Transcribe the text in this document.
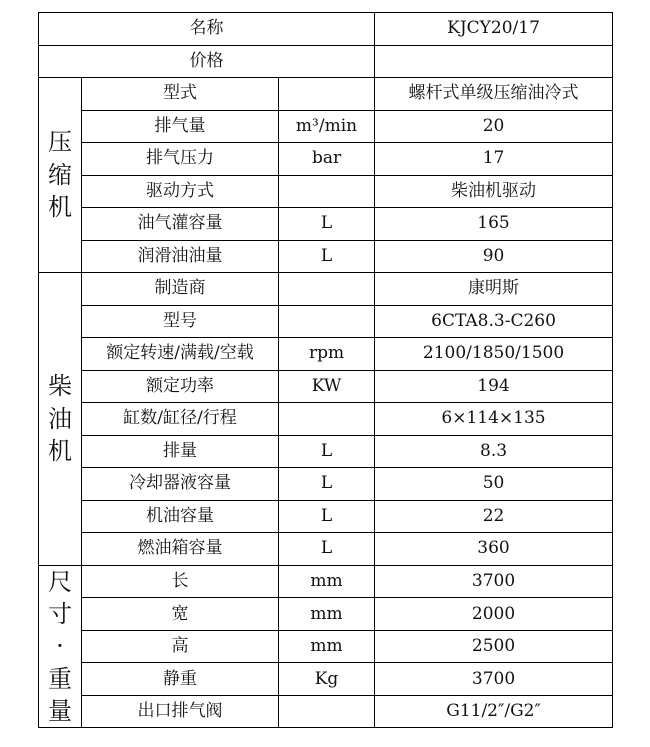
名称			KJCY20/17
价格			

压
缩
机	型式		螺杆式单级压缩油冷式
	排气量	m³/min	20
	排气压力	bar	17
	驱动方式		柴油机驱动
	油气灌容量	L	165
	润滑油油量	L	90

柴
油
机	制造商		康明斯
	型号		6CTA8.3-C260
	额定转速/满载/空载	rpm	2100/1850/1500
	额定功率	KW	194
	缸数/缸径/行程		6×114×135
	排量	L	8.3
	冷却器液容量	L	50
	机油容量	L	22
	燃油箱容量	L	360

尺
寸
·
重
量	长	mm	3700
	宽	mm	2000
	高	mm	2500
	静重	Kg	3700
	出口排气阀		G11/2″/G2″
